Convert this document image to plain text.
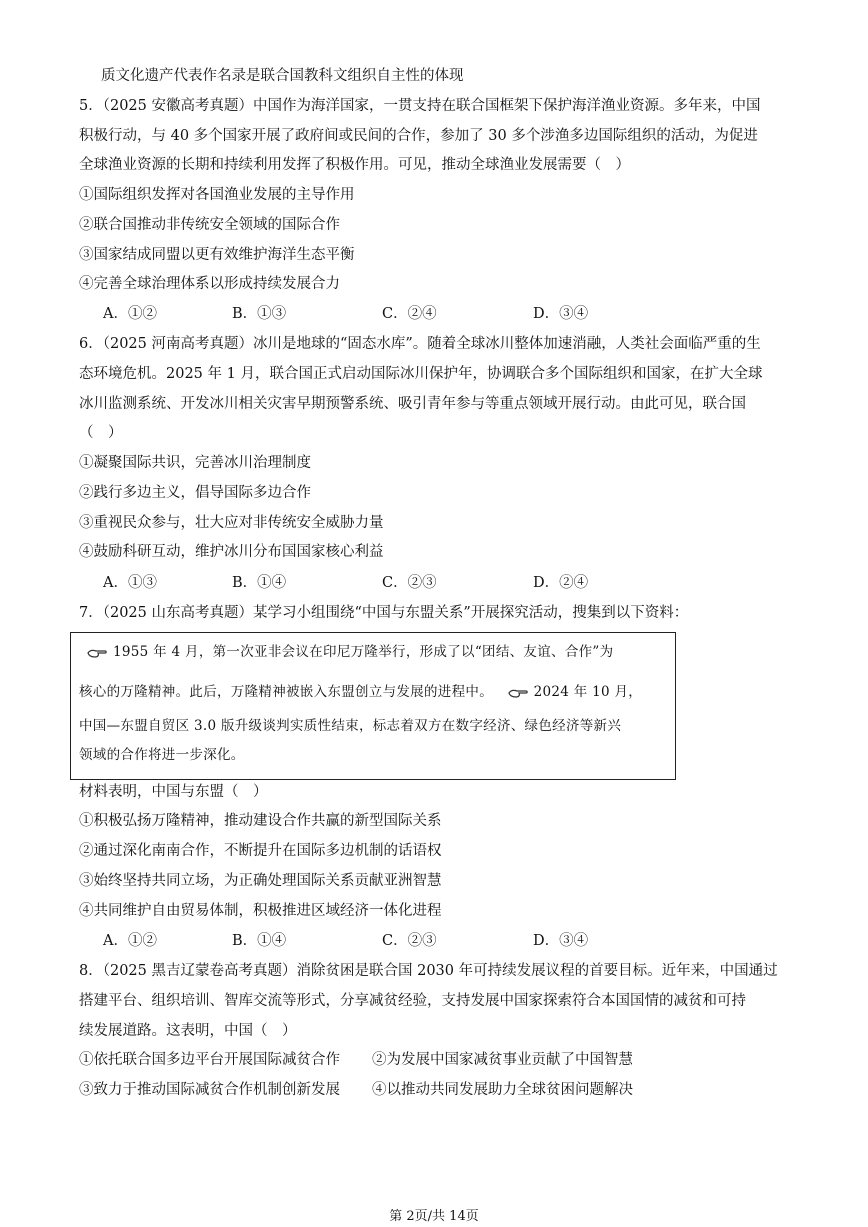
质文化遗产代表作名录是联合国教科文组织自主性的体现
5．（2025 安徽高考真题）中国作为海洋国家，一贯支持在联合国框架下保护海洋渔业资源。多年来，中国
积极行动，与 40 多个国家开展了政府间或民间的合作，参加了 30 多个涉渔多边国际组织的活动，为促进
全球渔业资源的长期和持续利用发挥了积极作用。可见，推动全球渔业发展需要（　）
①国际组织发挥对各国渔业发展的主导作用
②联合国推动非传统安全领域的国际合作
③国家结成同盟以更有效维护海洋生态平衡
④完善全球治理体系以形成持续发展合力
A．①②	B．①③	C．②④	D．③④
6．（2025 河南高考真题）冰川是地球的“固态水库”。随着全球冰川整体加速消融，人类社会面临严重的生
态环境危机。2025 年 1 月，联合国正式启动国际冰川保护年，协调联合多个国际组织和国家，在扩大全球
冰川监测系统、开发冰川相关灾害早期预警系统、吸引青年参与等重点领域开展行动。由此可见，联合国
（　）
①凝聚国际共识，完善冰川治理制度
②践行多边主义，倡导国际多边合作
③重视民众参与，壮大应对非传统安全威胁力量
④鼓励科研互动，维护冰川分布国国家核心利益
A．①③	B．①④	C．②③	D．②④
7．（2025 山东高考真题）某学习小组围绕“中国与东盟关系”开展探究活动，搜集到以下资料：
1955 年 4 月，第一次亚非会议在印尼万隆举行，形成了以“团结、友谊、合作”为
核心的万隆精神。此后，万隆精神被嵌入东盟创立与发展的进程中。	2024 年 10 月，
中国—东盟自贸区 3.0 版升级谈判实质性结束，标志着双方在数字经济、绿色经济等新兴
领域的合作将进一步深化。
材料表明，中国与东盟（　）
①积极弘扬万隆精神，推动建设合作共赢的新型国际关系
②通过深化南南合作，不断提升在国际多边机制的话语权
③始终坚持共同立场，为正确处理国际关系贡献亚洲智慧
④共同维护自由贸易体制，积极推进区域经济一体化进程
A．①②	B．①④	C．②③	D．③④
8．（2025 黑吉辽蒙卷高考真题）消除贫困是联合国 2030 年可持续发展议程的首要目标。近年来，中国通过
搭建平台、组织培训、智库交流等形式，分享减贫经验，支持发展中国家探索符合本国国情的减贫和可持
续发展道路。这表明，中国（　）
①依托联合国多边平台开展国际减贫合作 ②为发展中国家减贫事业贡献了中国智慧
③致力于推动国际减贫合作机制创新发展 ④以推动共同发展助力全球贫困问题解决
第 2页/共 14页
